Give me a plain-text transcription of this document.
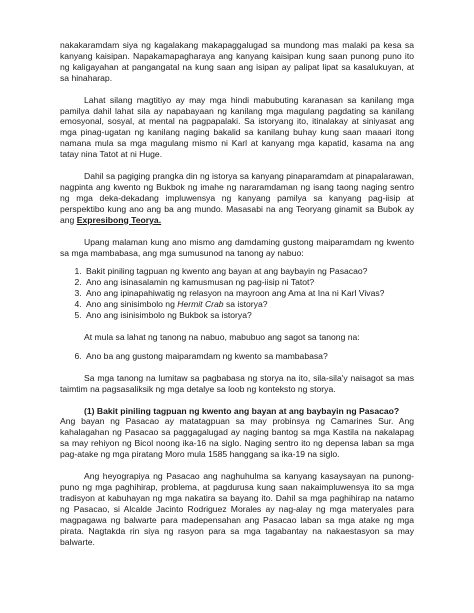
nakakaramdam siya ng kagalakang makapaggalugad sa mundong mas malaki pa kesa sa kanyang kaisipan. Napakamapagharaya ang kanyang kaisipan kung saan punong puno ito ng kaligayahan at pangangatal na kung saan ang isipan ay palipat lipat sa kasalukuyan, at sa hinaharap.

Lahat silang magtitiyo ay may mga hindi mabubuting karanasan sa kanilang mga pamilya dahil lahat sila ay napabayaan ng kanilang mga magulang pagdating sa kanilang emosyonal, sosyal, at mental na pagpapalaki. Sa istoryang ito, itinalakay at siniyasat ang mga pinag-ugatan ng kanilang naging bakalid sa kanilang buhay kung saan maaari itong namana mula sa mga magulang mismo ni Karl at kanyang mga kapatid, kasama na ang tatay nina Tatot at ni Huge.

Dahil sa pagiging prangka din ng istorya sa kanyang pinaparamdam at pinapalarawan, nagpinta ang kwento ng Bukbok ng imahe ng nararamdaman ng isang taong naging sentro ng mga deka-dekadang impluwensya ng kanyang pamilya sa kanyang pag-iisip at perspektibo kung ano ang ba ang mundo. Masasabi na ang Teoryang ginamit sa Bubok ay ang Expresibong Teorya.

Upang malaman kung ano mismo ang damdaming gustong maiparamdam ng kwento sa mga mambabasa, ang mga sumusunod na tanong ay nabuo:

1. Bakit piniling tagpuan ng kwento ang bayan at ang baybayin ng Pasacao?
2. Ano ang isinasalamin ng kamusmusan ng pag-iisip ni Tatot?
3. Ano ang ipinapahiwatig ng relasyon na mayroon ang Ama at Ina ni Karl Vivas?
4. Ano ang sinisimbolo ng Hermit Crab sa istorya?
5. Ano ang isinisimbolo ng Bukbok sa istorya?

At mula sa lahat ng tanong na nabuo, mabubuo ang sagot sa tanong na:

6. Ano ba ang gustong maiparamdam ng kwento sa mambabasa?

Sa mga tanong na lumitaw sa pagbabasa ng storya na ito, sila-sila'y naisagot sa mas taimtim na pagsasaliksik ng mga detalye sa loob ng konteksto ng storya.

(1) Bakit piniling tagpuan ng kwento ang bayan at ang baybayin ng Pasacao?

Ang bayan ng Pasacao ay matatagpuan sa may probinsya ng Camarines Sur. Ang kahalagahan ng Pasacao sa paggagalugad ay naging bantog sa mga Kastila na nakalapag sa may rehiyon ng Bicol noong ika-16 na siglo. Naging sentro ito ng depensa laban sa mga pag-atake ng mga piratang Moro mula 1585 hanggang sa ika-19 na siglo.

Ang heyograpiya ng Pasacao ang naghuhulma sa kanyang kasaysayan na punong-puno ng mga paghihirap, problema, at pagdurusa kung saan nakaimpluwensya ito sa mga tradisyon at kabuhayan ng mga nakatira sa bayang ito. Dahil sa mga paghihirap na natamo ng Pasacao, si Alcalde Jacinto Rodriguez Morales ay nag-alay ng mga materyales para magpagawa ng balwarte para madepensahan ang Pasacao laban sa mga atake ng mga pirata. Nagtakda rin siya ng rasyon para sa mga tagabantay na nakaestasyon sa may balwarte.
